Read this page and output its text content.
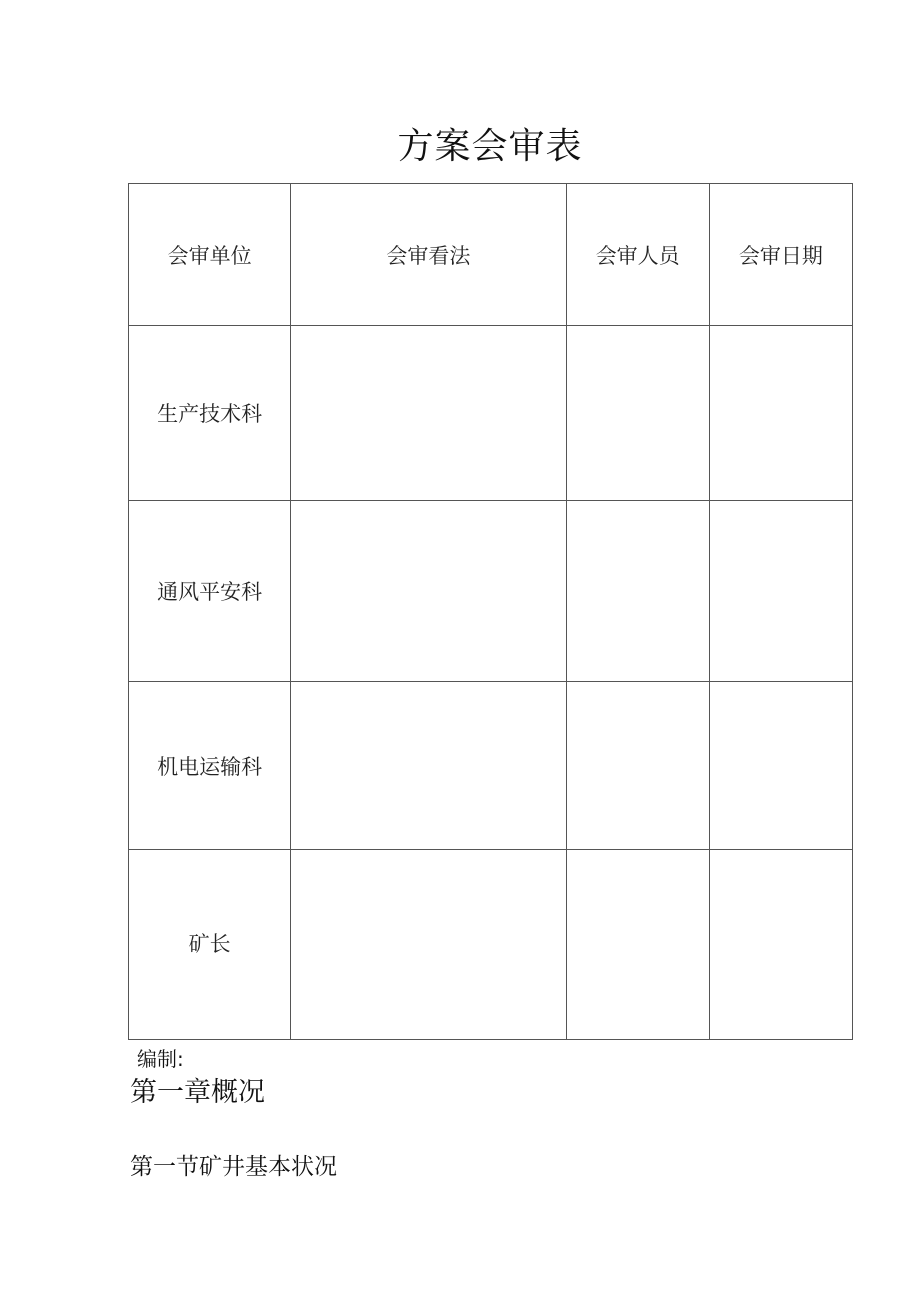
方案会审表
会审单位	会审看法	会审人员	会审日期
生产技术科			
通风平安科			
机电运输科			
矿长			
编制:
第一章概况
第一节矿井基本状况
